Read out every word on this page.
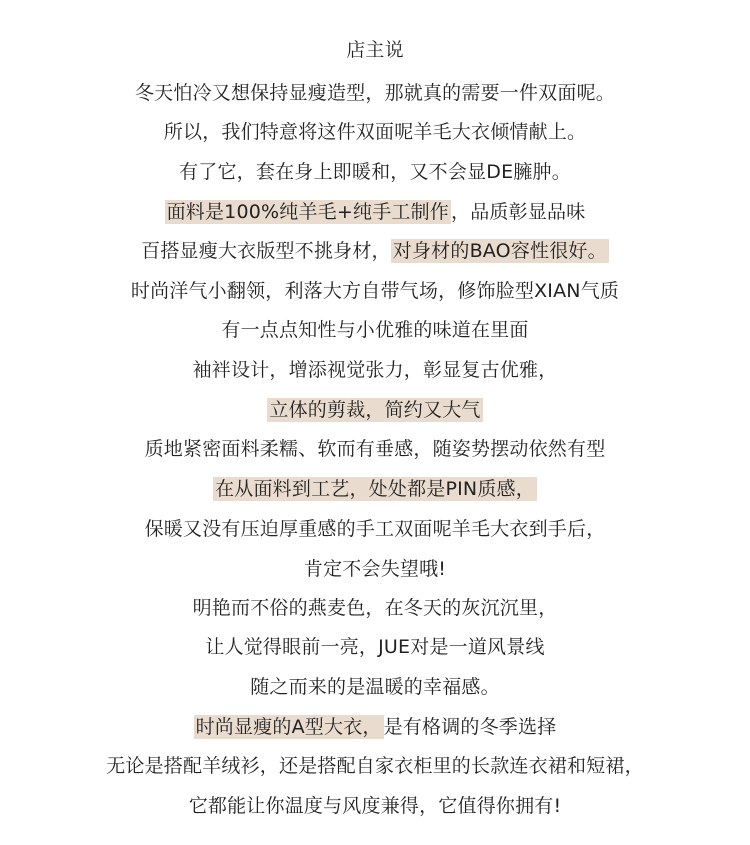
店主说
冬天怕冷又想保持显瘦造型，那就真的需要一件双面呢。
所以，我们特意将这件双面呢羊毛大衣倾情献上。
有了它，套在身上即暖和，又不会显DE臃肿。
面料是100%纯羊毛+纯手工制作 ，品质彰显品味
百搭显瘦大衣版型不挑身材， 对身材的BAO容性很好。
时尚洋气小翻领，利落大方自带气场，修饰脸型XIAN气质
有一点点知性与小优雅的味道在里面
袖袢设计，增添视觉张力，彰显复古优雅，
立体的剪裁，简约又大气
质地紧密面料柔糯、软而有垂感，随姿势摆动依然有型
在从面料到工艺，处处都是PIN质感，
保暖又没有压迫厚重感的手工双面呢羊毛大衣到手后，
肯定不会失望哦!
明艳而不俗的燕麦色，在冬天的灰沉沉里，
让人觉得眼前一亮，JUE对是一道风景线
随之而来的是温暖的幸福感。
时尚显瘦的A型大衣， 是有格调的冬季选择
无论是搭配羊绒衫，还是搭配自家衣柜里的长款连衣裙和短裙，
它都能让你温度与风度兼得，它值得你拥有!
